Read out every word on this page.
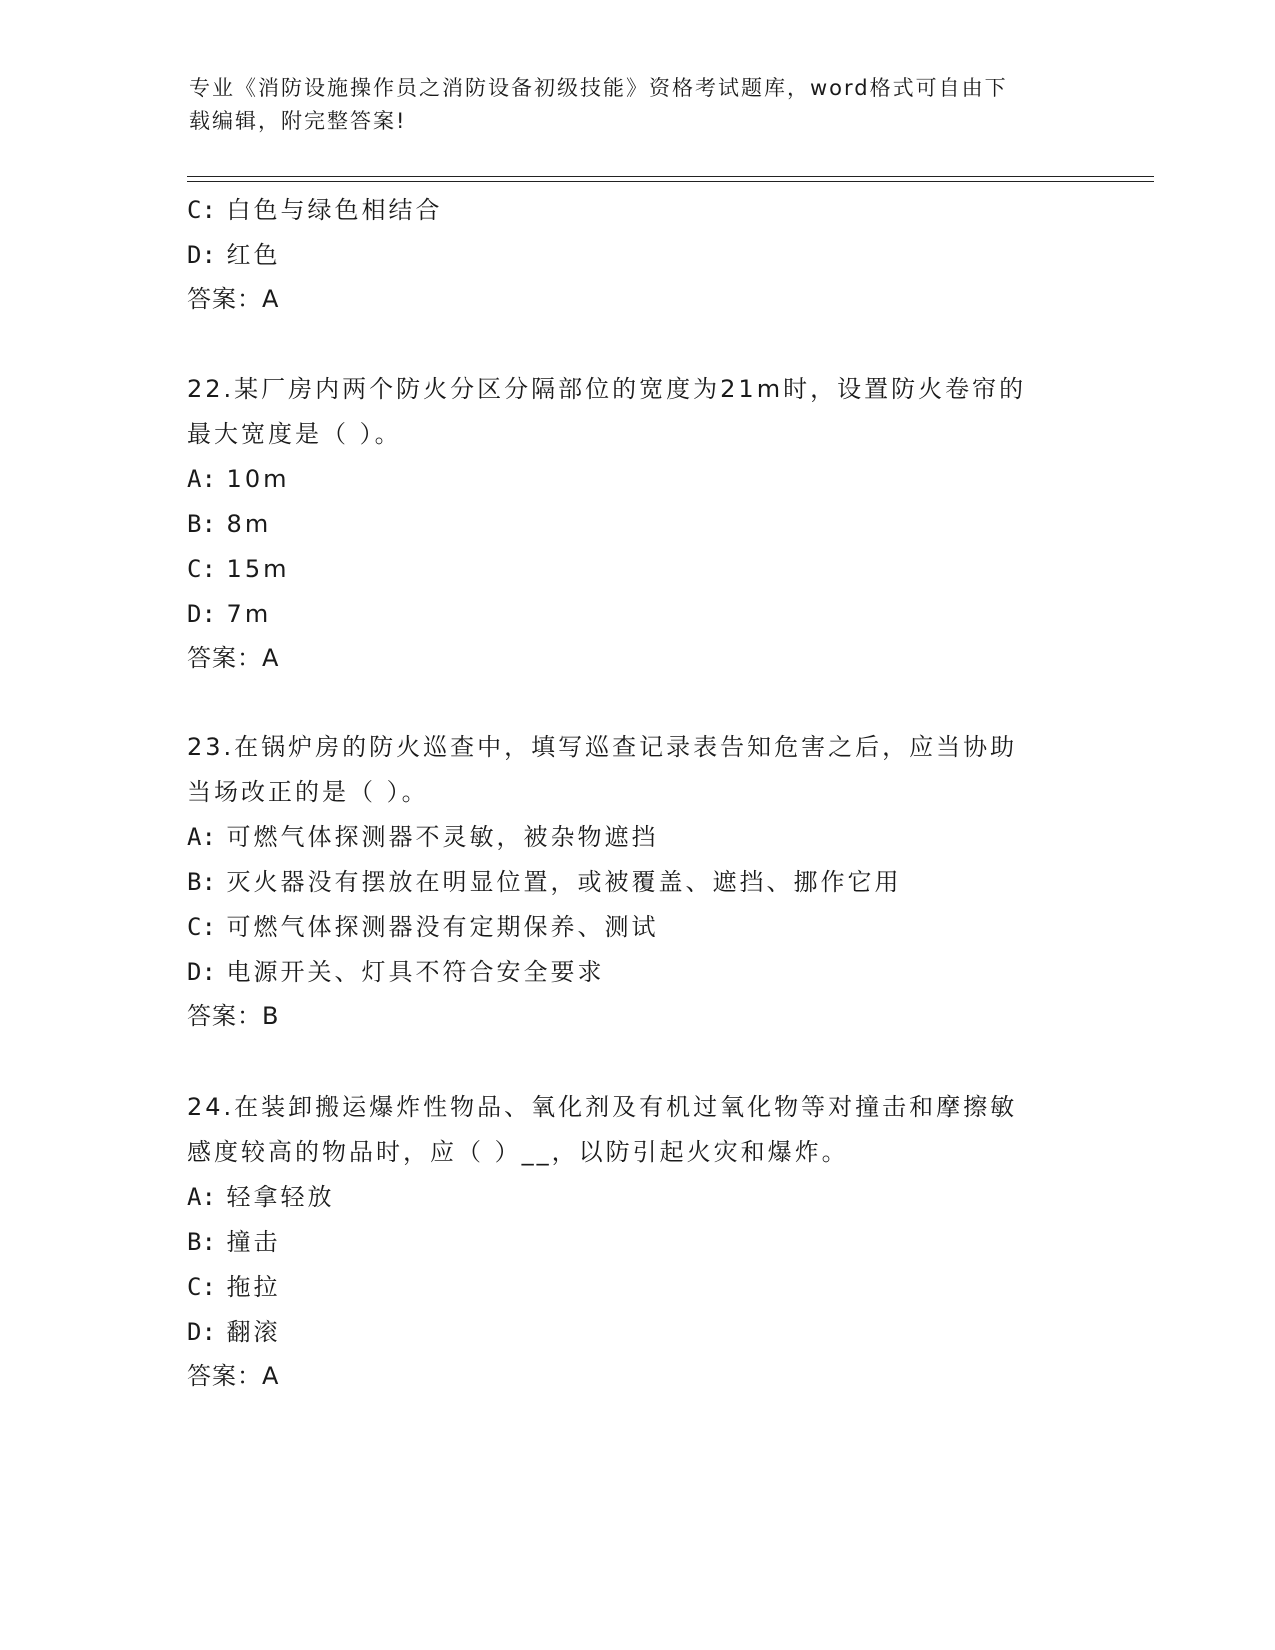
专业《消防设施操作员之消防设备初级技能》资格考试题库，word格式可自由下
载编辑，附完整答案!
C: 白色与绿色相结合
D: 红色
答案：A
22.某厂房内两个防火分区分隔部位的宽度为21m时，设置防火卷帘的
最大宽度是（ ）。
A: 10m
B: 8m
C: 15m
D: 7m
答案：A
23.在锅炉房的防火巡查中，填写巡查记录表告知危害之后，应当协助
当场改正的是（ ）。
A: 可燃气体探测器不灵敏，被杂物遮挡
B: 灭火器没有摆放在明显位置，或被覆盖、遮挡、挪作它用
C: 可燃气体探测器没有定期保养、测试
D: 电源开关、灯具不符合安全要求
答案：B
24.在装卸搬运爆炸性物品、氧化剂及有机过氧化物等对撞击和摩擦敏
感度较高的物品时，应（ ）__，以防引起火灾和爆炸。
A: 轻拿轻放
B: 撞击
C: 拖拉
D: 翻滚
答案：A
